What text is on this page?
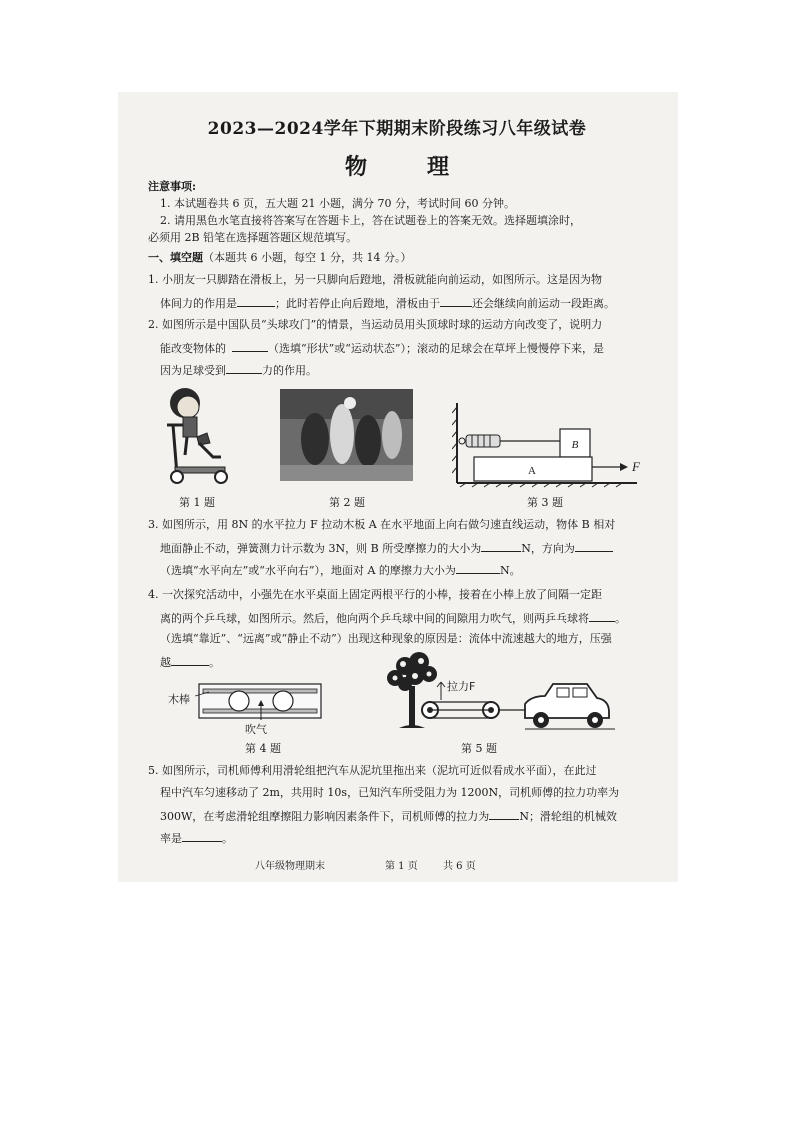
2023—2024学年下期期末阶段练习八年级试卷
物理
注意事项:
1. 本试题卷共 6 页，五大题 21 小题，满分 70 分，考试时间 60 分钟。
2. 请用黑色水笔直接将答案写在答题卡上，答在试题卷上的答案无效。选择题填涂时，
必须用 2B 铅笔在选择题答题区规范填写。
一、填空题（本题共 6 小题，每空 1 分，共 14 分。）
1. 小朋友一只脚踏在滑板上，另一只脚向后蹬地，滑板就能向前运动，如图所示。这是因为物
体间力的作用是	；此时若停止向后蹬地，滑板由于	还会继续向前运动一段距离。
2. 如图所示是中国队员“头球攻门”的情景，当运动员用头顶球时球的运动方向改变了，说明力
能改变物体的	（选填“形状”或“运动状态”）；滚动的足球会在草坪上慢慢停下来，是
因为足球受到	力的作用。
B
A	F
第 1 题	第 2 题	第 3 题
3. 如图所示，用 8N 的水平拉力 F 拉动木板 A 在水平地面上向右做匀速直线运动，物体 B 相对
地面静止不动，弹簧测力计示数为 3N，则 B 所受摩擦力的大小为	N，方向为
（选填“水平向左”或“水平向右”），地面对 A 的摩擦力大小为	N。
4. 一次探究活动中，小强先在水平桌面上固定两根平行的小棒，接着在小棒上放了间隔一定距
离的两个乒乓球，如图所示。然后，他向两个乒乓球中间的间隙用力吹气，则两乒乓球将 。
（选填“靠近”、“远离”或“静止不动”）出现这种现象的原因是：流体中流速越大的地方，压强
越	。
木棒
吹气
拉力F
第 4 题	第 5 题
5. 如图所示，司机师傅利用滑轮组把汽车从泥坑里拖出来（泥坑可近似看成水平面），在此过
程中汽车匀速移动了 2m，共用时 10s，已知汽车所受阻力为 1200N，司机师傅的拉力功率为
300W，在考虑滑轮组摩擦阻力影响因素条件下，司机师傅的拉力为	N；滑轮组的机械效
率是	。
八年级物理期末	第 1 页	共 6 页
